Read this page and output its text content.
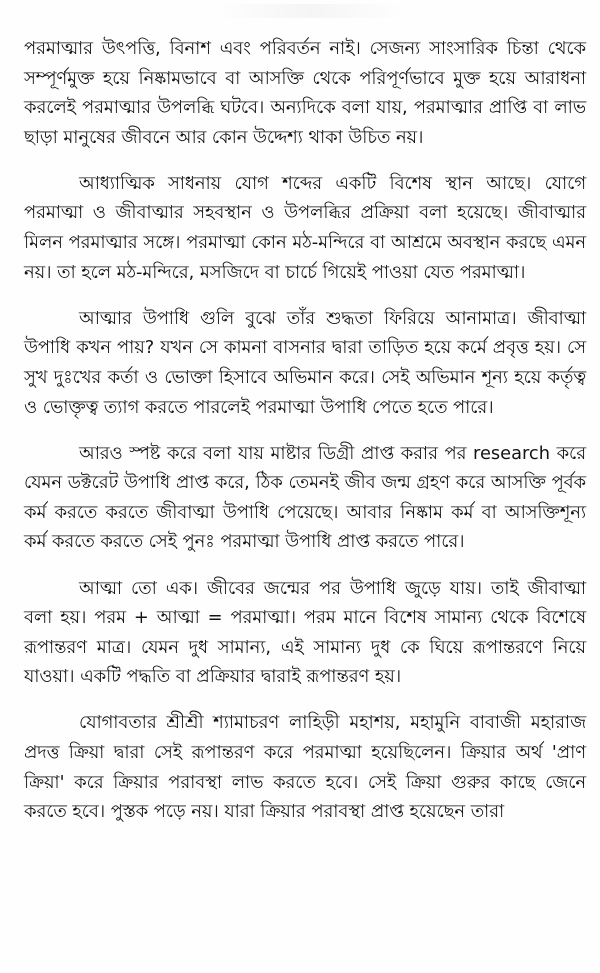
পরমাত্মার উৎপত্তি, বিনাশ এবং পরিবর্তন নাই। সেজন্য সাংসারিক চিন্তা থেকে সম্পূর্ণমুক্ত হয়ে নিষ্কামভাবে বা আসক্তি থেকে পরিপূর্ণভাবে মুক্ত হয়ে আরাধনা করলেই পরমাত্মার উপলব্ধি ঘটবে। অন্যদিকে বলা যায়, পরমাত্মার প্রাপ্তি বা লাভ ছাড়া মানুষের জীবনে আর কোন উদ্দেশ্য থাকা উচিত নয়।

আধ্যাত্মিক সাধনায় যোগ শব্দের একটি বিশেষ স্থান আছে। যোগে পরমাত্মা ও জীবাত্মার সহবস্থান ও উপলব্ধির প্রক্রিয়া বলা হয়েছে। জীবাত্মার মিলন পরমাত্মার সঙ্গে। পরমাত্মা কোন মঠ-মন্দিরে বা আশ্রমে অবস্থান করছে এমন নয়। তা হলে মঠ-মন্দিরে, মসজিদে বা চার্চে গিয়েই পাওয়া যেত পরমাত্মা।

আত্মার উপাধি গুলি বুঝে তাঁর শুদ্ধতা ফিরিয়ে আনামাত্র। জীবাত্মা উপাধি কখন পায়? যখন সে কামনা বাসনার দ্বারা তাড়িত হয়ে কর্মে প্রবৃত্ত হয়। সে সুখ দুঃখের কর্তা ও ভোক্তা হিসাবে অভিমান করে। সেই অভিমান শূন্য হয়ে কর্তৃত্ব ও ভোক্তৃত্ব ত্যাগ করতে পারলেই পরমাত্মা উপাধি পেতে হতে পারে।

আরও স্পষ্ট করে বলা যায় মাষ্টার ডিগ্রী প্রাপ্ত করার পর research করে যেমন ডক্টরেট উপাধি প্রাপ্ত করে, ঠিক তেমনই জীব জন্ম গ্রহণ করে আসক্তি পূর্বক কর্ম করতে করতে জীবাত্মা উপাধি পেয়েছে। আবার নিষ্কাম কর্ম বা আসক্তিশূন্য কর্ম করতে করতে সেই পুনঃ পরমাত্মা উপাধি প্রাপ্ত করতে পারে।

আত্মা তো এক। জীবের জন্মের পর উপাধি জুড়ে যায়। তাই জীবাত্মা বলা হয়। পরম + আত্মা = পরমাত্মা। পরম মানে বিশেষ সামান্য থেকে বিশেষে রূপান্তরণ মাত্র। যেমন দুধ সামান্য, এই সামান্য দুধ কে ঘিয়ে রূপান্তরণে নিয়ে যাওয়া। একটি পদ্ধতি বা প্রক্রিয়ার দ্বারাই রূপান্তরণ হয়।

যোগাবতার শ্রীশ্রী শ্যামাচরণ লাহিড়ী মহাশয়, মহামুনি বাবাজী মহারাজ প্রদত্ত ক্রিয়া দ্বারা সেই রূপান্তরণ করে পরমাত্মা হয়েছিলেন। ক্রিয়ার অর্থ 'প্রাণ ক্রিয়া' করে ক্রিয়ার পরাবস্থা লাভ করতে হবে। সেই ক্রিয়া গুরুর কাছে জেনে করতে হবে। পুস্তক পড়ে নয়। যারা ক্রিয়ার পরাবস্থা প্রাপ্ত হয়েছেন তারা
